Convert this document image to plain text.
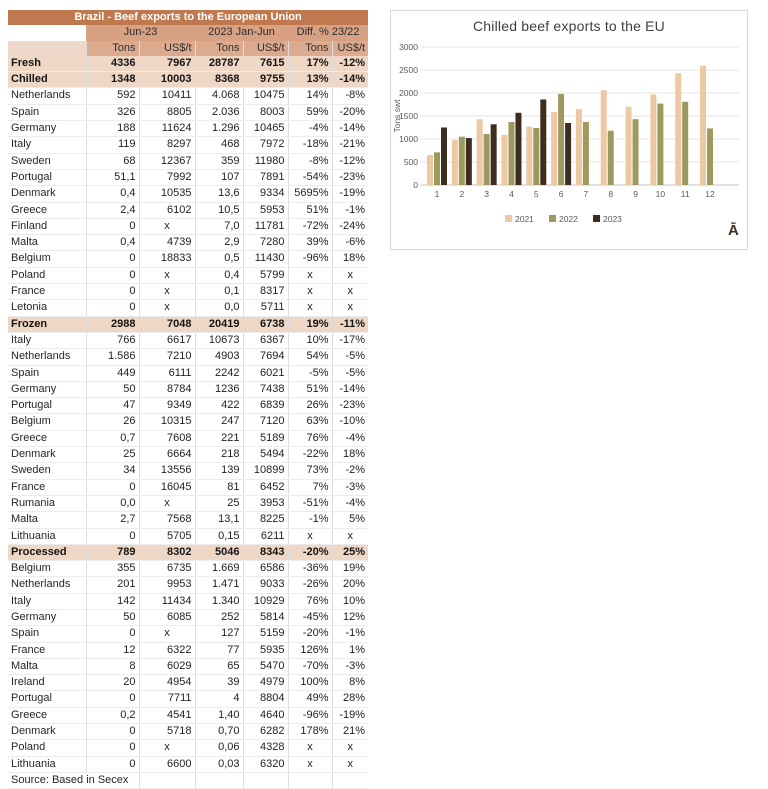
Brazil - Beef exports to the European Union						
	Jun-23		2023 Jan-Jun		Diff. % 23/22	
	Tons	US$/t	Tons	US$/t	Tons	US$/t
Fresh	4336	7967	28787	7615	17%	-12%
Chilled	1348	10003	8368	9755	13%	-14%
Netherlands	592	10411	4.068	10475	14%	-8%
Spain	326	8805	2.036	8003	59%	-20%
Germany	188	11624	1.296	10465	-4%	-14%
Italy	119	8297	468	7972	-18%	-21%
Sweden	68	12367	359	11980	-8%	-12%
Portugal	51,1	7992	107	7891	-54%	-23%
Denmark	0,4	10535	13,6	9334	5695%	-19%
Greece	2,4	6102	10,5	5953	51%	-1%
Finland	0	x	7,0	11781	-72%	-24%
Malta	0,4	4739	2,9	7280	39%	-6%
Belgium	0	18833	0,5	11430	-96%	18%
Poland	0	x	0,4	5799	x	x
France	0	x	0,1	8317	x	x
Letonia	0	x	0,0	5711	x	x
Frozen	2988	7048	20419	6738	19%	-11%
Italy	766	6617	10673	6367	10%	-17%
Netherlands	1.586	7210	4903	7694	54%	-5%
Spain	449	6111	2242	6021	-5%	-5%
Germany	50	8784	1236	7438	51%	-14%
Portugal	47	9349	422	6839	26%	-23%
Belgium	26	10315	247	7120	63%	-10%
Greece	0,7	7608	221	5189	76%	-4%
Denmark	25	6664	218	5494	-22%	18%
Sweden	34	13556	139	10899	73%	-2%
France	0	16045	81	6452	7%	-3%
Rumania	0,0	x	25	3953	-51%	-4%
Malta	2,7	7568	13,1	8225	-1%	5%
Lithuania	0	5705	0,15	6211	x	x
Processed	789	8302	5046	8343	-20%	25%
Belgium	355	6735	1.669	6586	-36%	19%
Netherlands	201	9953	1.471	9033	-26%	20%
Italy	142	11434	1.340	10929	76%	10%
Germany	50	6085	252	5814	-45%	12%
Spain	0	x	127	5159	-20%	-1%
France	12	6322	77	5935	126%	1%
Malta	8	6029	65	5470	-70%	-3%
Ireland	20	4954	39	4979	100%	8%
Portugal	0	7711	4	8804	49%	28%
Greece	0,2	4541	1,40	4640	-96%	-19%
Denmark	0	5718	0,70	6282	178%	21%
Poland	0	x	0,06	4328	x	x
Lithuania	0	6600	0,03	6320	x	x
Source: Based in Secex						
Chilled beef exports to the EU
0
500
1000
1500
2000
2500
3000
1 2 3 4 5 6 7 8 9 10 11 12
Tons swt
2021	2022	2023
Ā
